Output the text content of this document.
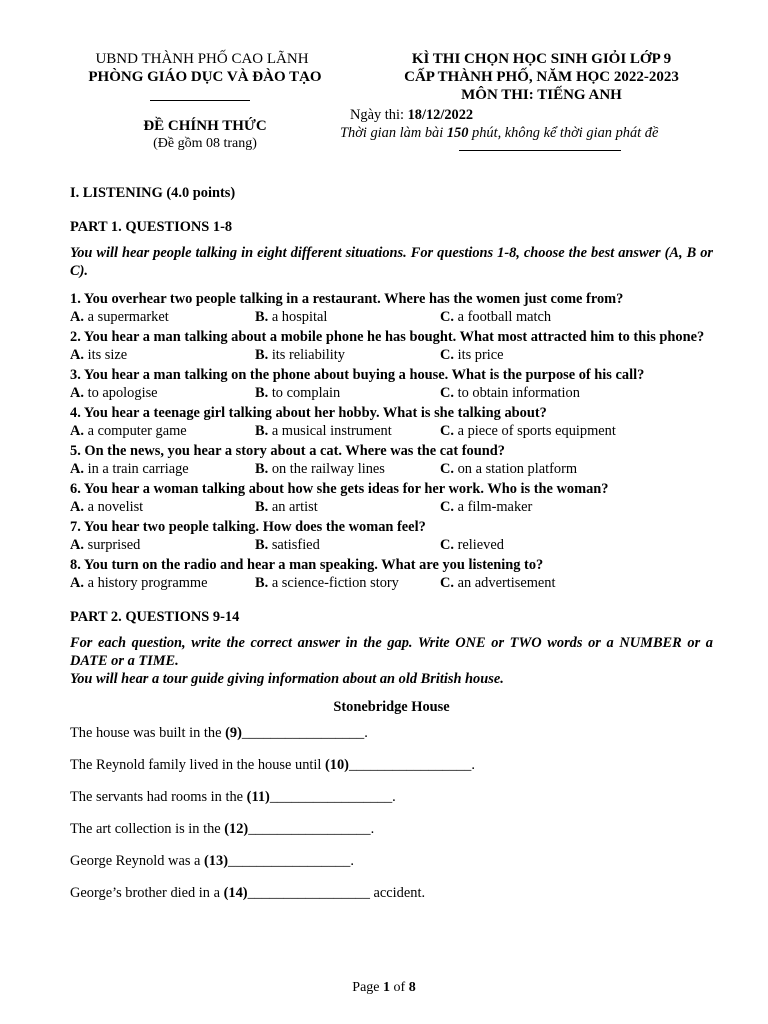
UBND THÀNH PHỐ CAO LÃNH
PHÒNG GIÁO DỤC VÀ ĐÀO TẠO
ĐỀ CHÍNH THỨC
(Đề gồm 08 trang)
KÌ THI CHỌN HỌC SINH GIỎI LỚP 9
CẤP THÀNH PHỐ, NĂM HỌC 2022-2023
MÔN THI: TIẾNG ANH
Ngày thi: 18/12/2022
Thời gian làm bài 150 phút, không kể thời gian phát đề
I. LISTENING (4.0 points)
PART 1. QUESTIONS 1-8
You will hear people talking in eight different situations. For questions 1-8, choose the best answer (A, B or C).
1. You overhear two people talking in a restaurant. Where has the women just come from?
A. a supermarket	B. a hospital	C. a football match
2. You hear a man talking about a mobile phone he has bought. What most attracted him to this phone?
A. its size	B. its reliability	C. its price
3. You hear a man talking on the phone about buying a house. What is the purpose of his call?
A. to apologise	B. to complain	C. to obtain information
4. You hear a teenage girl talking about her hobby. What is she talking about?
A. a computer game	B. a musical instrument	C. a piece of sports equipment
5. On the news, you hear a story about a cat. Where was the cat found?
A. in a train carriage	B. on the railway lines	C. on a station platform
6. You hear a woman talking about how she gets ideas for her work. Who is the woman?
A. a novelist	B. an artist	C. a film-maker
7. You hear two people talking. How does the woman feel?
A. surprised	B. satisfied	C. relieved
8. You turn on the radio and hear a man speaking. What are you listening to?
A. a history programme	B. a science-fiction story	C. an advertisement
PART 2. QUESTIONS 9-14
For each question, write the correct answer in the gap. Write ONE or TWO words or a NUMBER or a DATE or a TIME.
You will hear a tour guide giving information about an old British house.
Stonebridge House
The house was built in the (9)_________________.
The Reynold family lived in the house until (10)_________________.
The servants had rooms in the (11)_________________.
The art collection is in the (12)_________________.
George Reynold was a (13)_________________.
George’s brother died in a (14)_________________ accident.
Page 1 of 8
